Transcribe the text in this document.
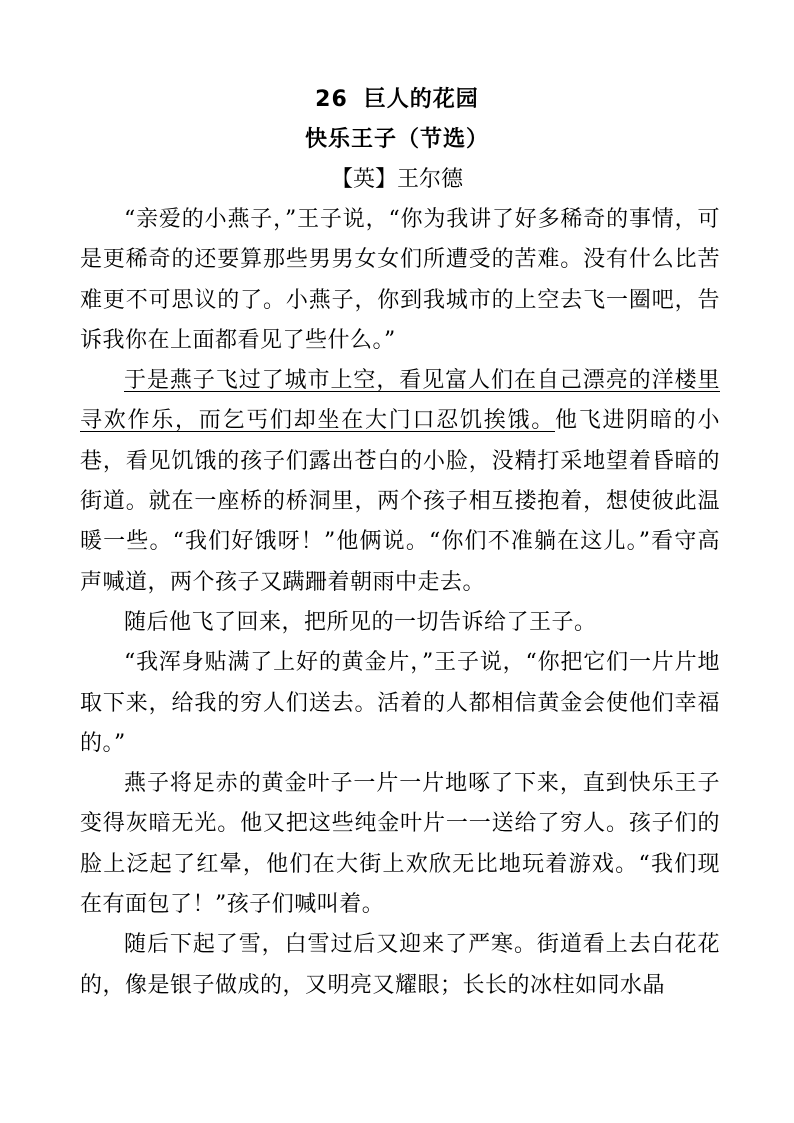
26 巨人的花园
快乐王子（节选）
【英】王尔德

“亲爱的小燕子，”王子说，“你为我讲了好多稀奇的事情，可是更稀奇的还要算那些男男女女们所遭受的苦难。没有什么比苦难更不可思议的了。小燕子，你到我城市的上空去飞一圈吧，告诉我你在上面都看见了些什么。”

于是燕子飞过了城市上空，看见富人们在自己漂亮的洋楼里寻欢作乐，而乞丐们却坐在大门口忍饥挨饿。他飞进阴暗的小巷，看见饥饿的孩子们露出苍白的小脸，没精打采地望着昏暗的街道。就在一座桥的桥洞里，两个孩子相互搂抱着，想使彼此温暖一些。“我们好饿呀！”他俩说。“你们不准躺在这儿。”看守高声喊道，两个孩子又蹒跚着朝雨中走去。

随后他飞了回来，把所见的一切告诉给了王子。

“我浑身贴满了上好的黄金片，”王子说，“你把它们一片片地取下来，给我的穷人们送去。活着的人都相信黄金会使他们幸福的。”

燕子将足赤的黄金叶子一片一片地啄了下来，直到快乐王子变得灰暗无光。他又把这些纯金叶片一一送给了穷人。孩子们的脸上泛起了红晕，他们在大街上欢欣无比地玩着游戏。“我们现在有面包了！”孩子们喊叫着。

随后下起了雪，白雪过后又迎来了严寒。街道看上去白花花的，像是银子做成的，又明亮又耀眼；长长的冰柱如同水晶
